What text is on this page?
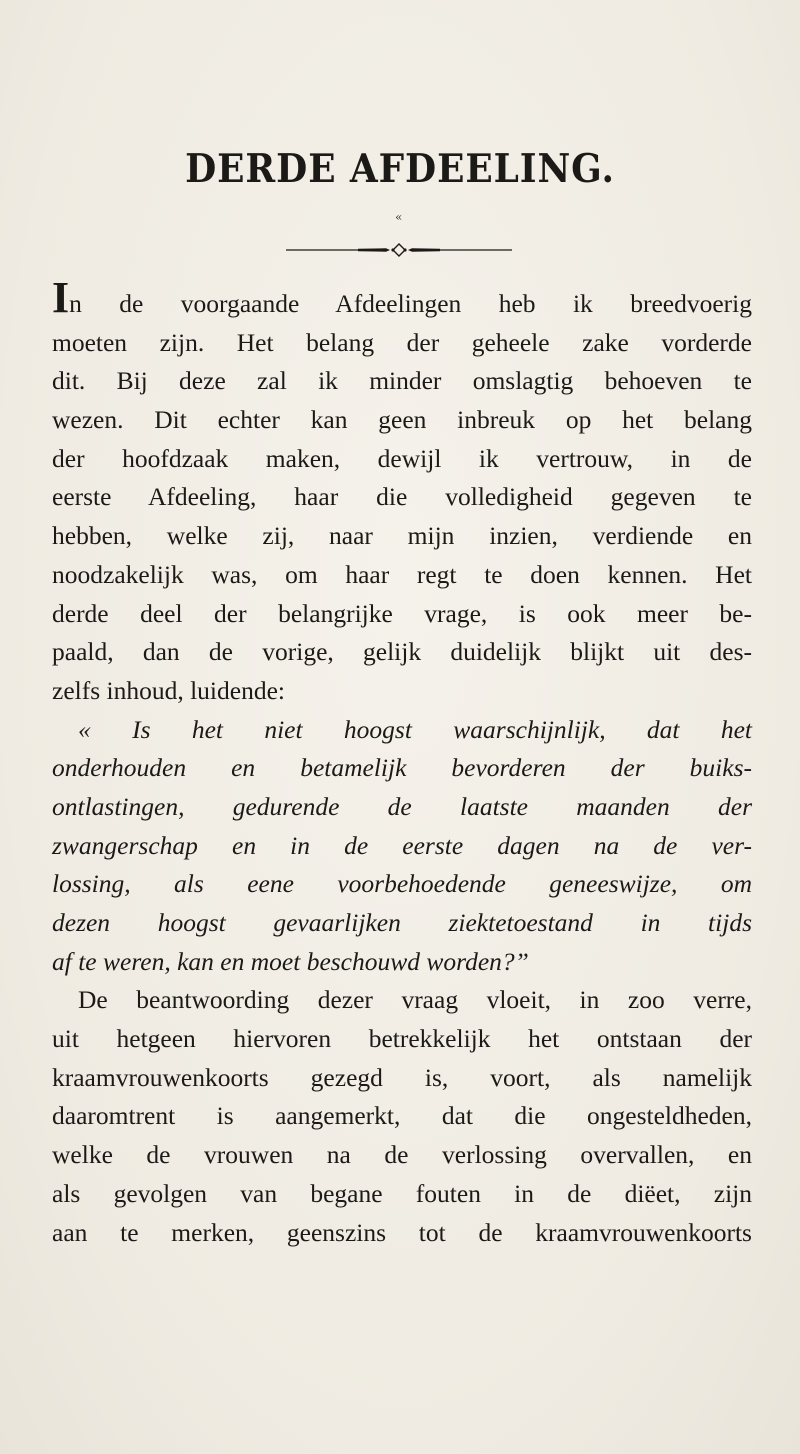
DERDE AFDEELING.
«
In de voorgaande Afdeelingen heb ik breedvoerig
moeten zijn. Het belang der geheele zake vorderde
dit. Bij deze zal ik minder omslagtig behoeven te
wezen. Dit echter kan geen inbreuk op het belang
der hoofdzaak maken, dewijl ik vertrouw, in de
eerste Afdeeling, haar die volledigheid gegeven te
hebben, welke zij, naar mijn inzien, verdiende en
noodzakelijk was, om haar regt te doen kennen. Het
derde deel der belangrijke vrage, is ook meer be-
paald, dan de vorige, gelijk duidelijk blijkt uit des-
zelfs inhoud, luidende:
« Is het niet hoogst waarschijnlijk, dat het
onderhouden en betamelijk bevorderen der buiks-
ontlastingen, gedurende de laatste maanden der
zwangerschap en in de eerste dagen na de ver-
lossing, als eene voorbehoedende geneeswijze, om
dezen hoogst gevaarlijken ziektetoestand in tijds
af te weren, kan en moet beschouwd worden?”
De beantwoording dezer vraag vloeit, in zoo verre,
uit hetgeen hiervoren betrekkelijk het ontstaan der
kraamvrouwenkoorts gezegd is, voort, als namelijk
daaromtrent is aangemerkt, dat die ongesteldheden,
welke de vrouwen na de verlossing overvallen, en
als gevolgen van begane fouten in de diëet, zijn
aan te merken, geenszins tot de kraamvrouwenkoorts
